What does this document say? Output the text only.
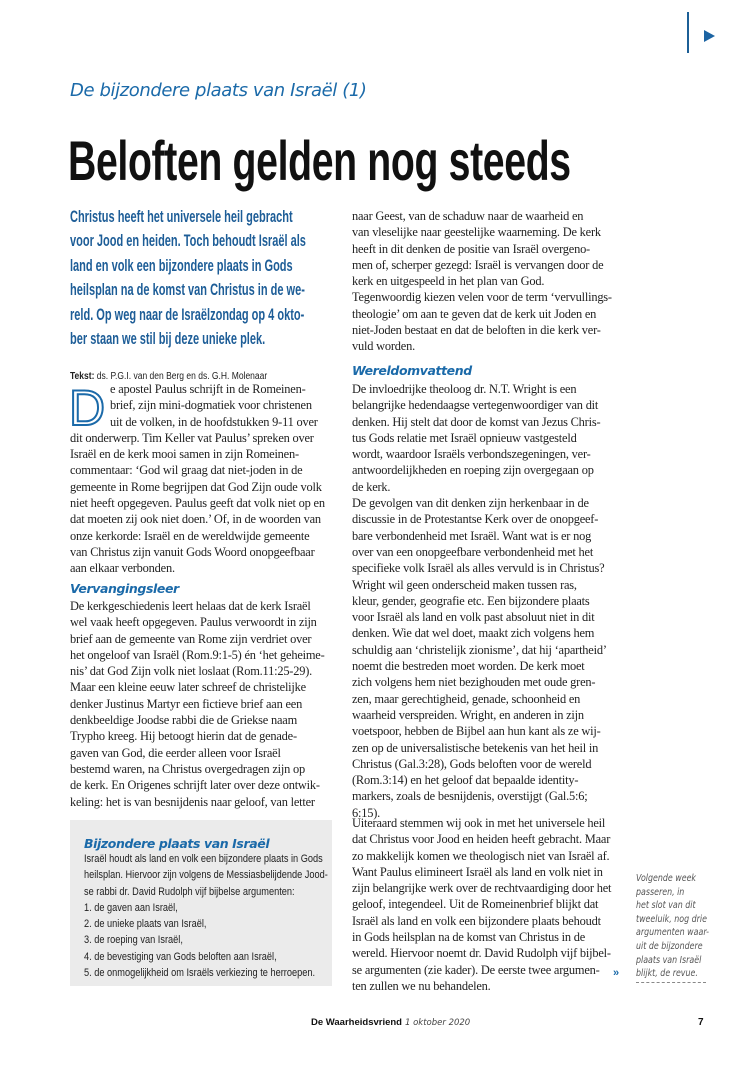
De bijzondere plaats van Israël (1)
Beloften gelden nog steeds
Christus heeft het universele heil gebracht
voor Jood en heiden. Toch behoudt Israël als
land en volk een bijzondere plaats in Gods
heilsplan na de komst van Christus in de we-
reld. Op weg naar de Israëlzondag op 4 okto-
ber staan we stil bij deze unieke plek.
Tekst: ds. P.G.I. van den Berg en ds. G.H. Molenaar
D e apostel Paulus schrijft in de Romeinen-
brief, zijn mini-dogmatiek voor christenen
uit de volken, in de hoofdstukken 9-11 over
dit onderwerp. Tim Keller vat Paulus’ spreken over
Israël en de kerk mooi samen in zijn Romeinen-
commentaar: ‘God wil graag dat niet-joden in de
gemeente in Rome begrijpen dat God Zijn oude volk
niet heeft opgegeven. Paulus geeft dat volk niet op en
dat moeten zij ook niet doen.’ Of, in de woorden van
onze kerkorde: Israël en de wereldwijde gemeente
van Christus zijn vanuit Gods Woord onopgeefbaar
aan elkaar verbonden.
Vervangingsleer
De kerkgeschiedenis leert helaas dat de kerk Israël
wel vaak heeft opgegeven. Paulus verwoordt in zijn
brief aan de gemeente van Rome zijn verdriet over
het ongeloof van Israël (Rom.9:1-5) én ‘het geheime-
nis’ dat God Zijn volk niet loslaat (Rom.11:25-29).
Maar een kleine eeuw later schreef de christelijke
denker Justinus Martyr een fictieve brief aan een
denkbeeldige Joodse rabbi die de Griekse naam
Trypho kreeg. Hij betoogt hierin dat de genade-
gaven van God, die eerder alleen voor Israël
bestemd waren, na Christus overgedragen zijn op
de kerk. En Origenes schrijft later over deze ontwik-
keling: het is van besnijdenis naar geloof, van letter
naar Geest, van de schaduw naar de waarheid en
van vleselijke naar geestelijke waarneming. De kerk
heeft in dit denken de positie van Israël overgeno-
men of, scherper gezegd: Israël is vervangen door de
kerk en uitgespeeld in het plan van God.
Tegenwoordig kiezen velen voor de term ‘vervullings-
theologie’ om aan te geven dat de kerk uit Joden en
niet-Joden bestaat en dat de beloften in die kerk ver-
vuld worden.
Wereldomvattend
De invloedrijke theoloog dr. N.T. Wright is een
belangrijke hedendaagse vertegenwoordiger van dit
denken. Hij stelt dat door de komst van Jezus Chris-
tus Gods relatie met Israël opnieuw vastgesteld
wordt, waardoor Israëls verbondszegeningen, ver-
antwoordelijkheden en roeping zijn overgegaan op
de kerk.
De gevolgen van dit denken zijn herkenbaar in de
discussie in de Protestantse Kerk over de onopgeef-
bare verbondenheid met Israël. Want wat is er nog
over van een onopgeefbare verbondenheid met het
specifieke volk Israël als alles vervuld is in Christus?
Wright wil geen onderscheid maken tussen ras,
kleur, gender, geografie etc. Een bijzondere plaats
voor Israël als land en volk past absoluut niet in dit
denken. Wie dat wel doet, maakt zich volgens hem
schuldig aan ‘christelijk zionisme’, dat hij ‘apartheid’
noemt die bestreden moet worden. De kerk moet
zich volgens hem niet bezighouden met oude gren-
zen, maar gerechtigheid, genade, schoonheid en
waarheid verspreiden. Wright, en anderen in zijn
voetspoor, hebben de Bijbel aan hun kant als ze wij-
zen op de universalistische betekenis van het heil in
Christus (Gal.3:28), Gods beloften voor de wereld
(Rom.3:14) en het geloof dat bepaalde identity-
markers, zoals de besnijdenis, overstijgt (Gal.5:6;
6:15).
Uiteraard stemmen wij ook in met het universele heil
dat Christus voor Jood en heiden heeft gebracht. Maar
zo makkelijk komen we theologisch niet van Israël af.
Want Paulus elimineert Israël als land en volk niet in
zijn belangrijke werk over de rechtvaardiging door het
geloof, integendeel. Uit de Romeinenbrief blijkt dat
Israël als land en volk een bijzondere plaats behoudt
in Gods heilsplan na de komst van Christus in de
wereld. Hiervoor noemt dr. David Rudolph vijf bijbel-
se argumenten (zie kader). De eerste twee argumen-
ten zullen we nu behandelen.
»
Bijzondere plaats van Israël
Israël houdt als land en volk een bijzondere plaats in Gods
heilsplan. Hiervoor zijn volgens de Messiasbelijdende Jood-
se rabbi dr. David Rudolph vijf bijbelse argumenten:
1. de gaven aan Israël,
2. de unieke plaats van Israël,
3. de roeping van Israël,
4. de bevestiging van Gods beloften aan Israël,
5. de onmogelijkheid om Israëls verkiezing te herroepen.
Volgende week
passeren, in
het slot van dit
tweeluik, nog drie
argumenten waar-
uit de bijzondere
plaats van Israël
blijkt, de revue.
De Waarheidsvriend 1 oktober 2020	7
